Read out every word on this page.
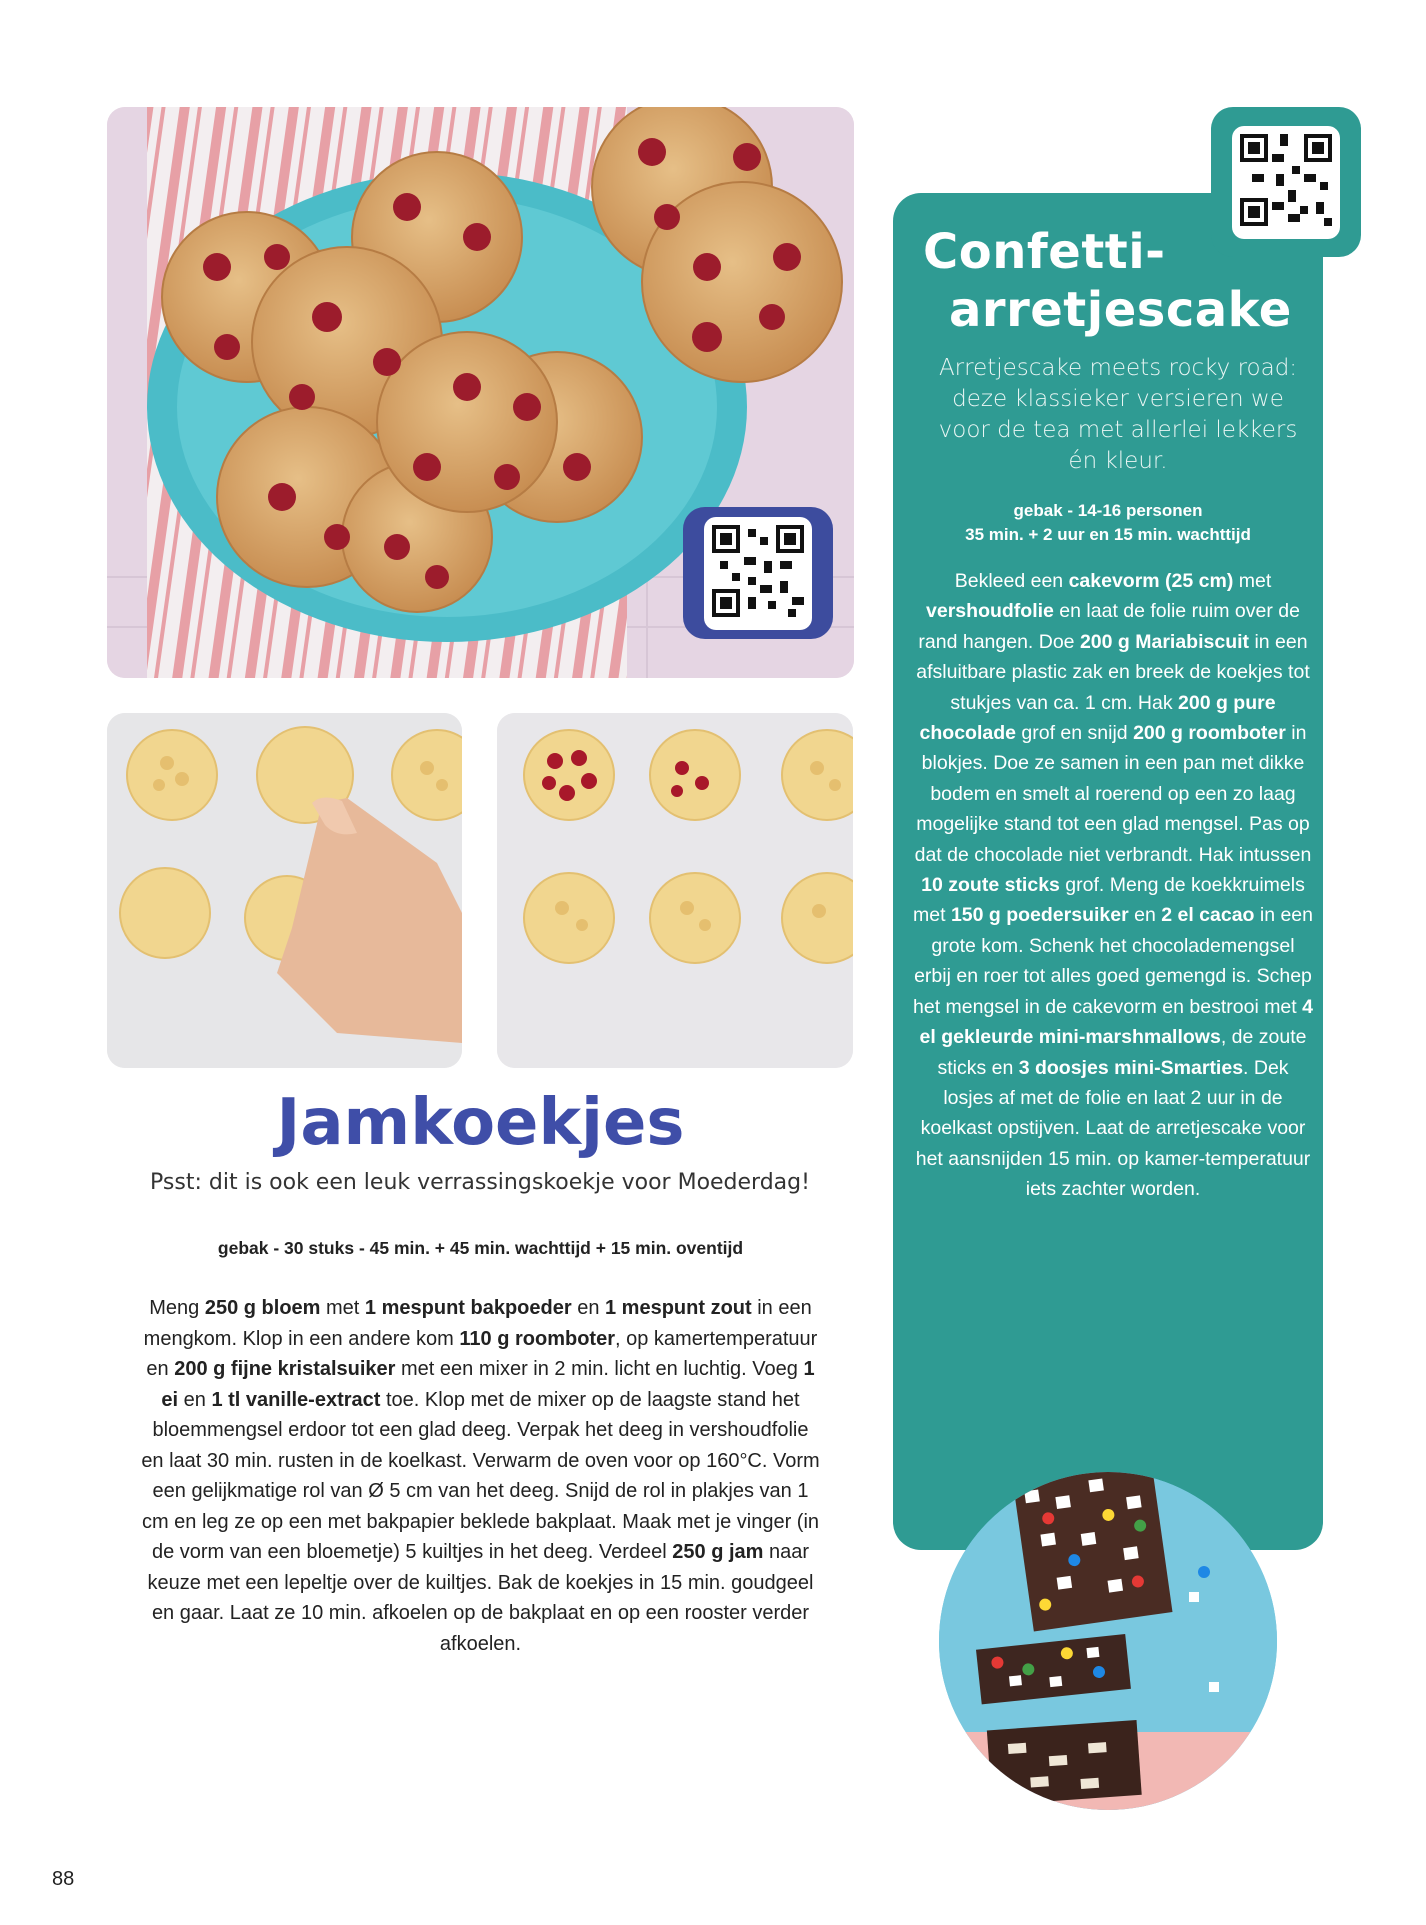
Jamkoekjes

Psst: dit is ook een leuk verrassingskoekje voor Moederdag!

gebak - 30 stuks - 45 min. + 45 min. wachttijd + 15 min. oventijd

Meng 250 g bloem met 1 mespunt bakpoeder en 1 mespunt zout in een mengkom. Klop in een andere kom 110 g roomboter, op kamertemperatuur en 200 g fijne kristalsuiker met een mixer in 2 min. licht en luchtig. Voeg 1 ei en 1 tl vanille-extract toe. Klop met de mixer op de laagste stand het bloemmengsel erdoor tot een glad deeg. Verpak het deeg in vershoudfolie en laat 30 min. rusten in de koelkast. Verwarm de oven voor op 160°C. Vorm een gelijkmatige rol van Ø 5 cm van het deeg. Snijd de rol in plakjes van 1 cm en leg ze op een met bakpapier beklede bakplaat. Maak met je vinger (in de vorm van een bloemetje) 5 kuiltjes in het deeg. Verdeel 250 g jam naar keuze met een lepeltje over de kuiltjes. Bak de koekjes in 15 min. goudgeel en gaar. Laat ze 10 min. afkoelen op de bakplaat en op een rooster verder afkoelen.

Confetti-
arretjescake

Arretjescake meets rocky road: deze klassieker versieren we voor de tea met allerlei lekkers én kleur.

gebak - 14-16 personen
35 min. + 2 uur en 15 min. wachttijd

Bekleed een cakevorm (25 cm) met vershoudfolie en laat de folie ruim over de rand hangen. Doe 200 g Mariabiscuit in een afsluitbare plastic zak en breek de koekjes tot stukjes van ca. 1 cm. Hak 200 g pure chocolade grof en snijd 200 g roomboter in blokjes. Doe ze samen in een pan met dikke bodem en smelt al roerend op een zo laag mogelijke stand tot een glad mengsel. Pas op dat de chocolade niet verbrandt. Hak intussen 10 zoute sticks grof. Meng de koekkruimels met 150 g poedersuiker en 2 el cacao in een grote kom. Schenk het chocolademengsel erbij en roer tot alles goed gemengd is. Schep het mengsel in de cakevorm en bestrooi met 4 el gekleurde mini-marshmallows, de zoute sticks en 3 doosjes mini-Smarties. Dek losjes af met de folie en laat 2 uur in de koelkast opstijven. Laat de arretjescake voor het aansnijden 15 min. op kamer-temperatuur iets zachter worden.

88
